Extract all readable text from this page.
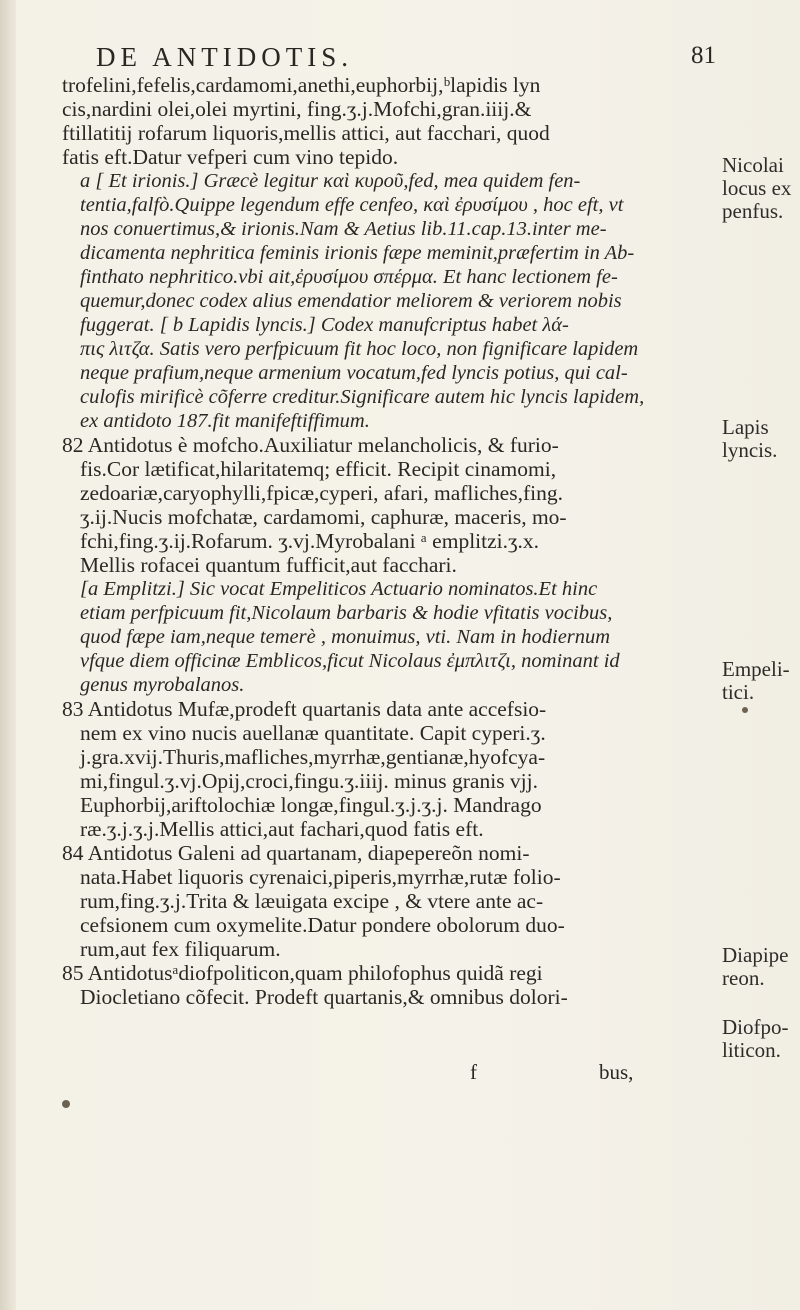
DE ANTIDOTIS.	81
trofelini,fefelis,cardamomi,anethi,euphorbij,ᵇlapidis lyn
cis,nardini olei,olei myrtini, fing.ʒ.j.Mofchi,gran.iiij.&
ftillatitij rofarum liquoris,mellis attici, aut facchari, quod
fatis eft.Datur vefperi cum vino tepido.
a [ Et irionis.] Græcè legitur καὶ κυροῦ,fed, mea quidem fen-
tentia,falfò.Quippe legendum effe cenfeo, καὶ ἐρυσίμου , hoc eft, vt
nos conuertimus,& irionis.Nam & Aetius lib.11.cap.13.inter me-
dicamenta nephritica feminis irionis fæpe meminit,præfertim in Ab-
finthato nephritico.vbi ait,ἐρυσίμου σπέρμα. Et hanc lectionem fe-
quemur,donec codex alius emendatior meliorem & veriorem nobis
fuggerat. [ b Lapidis lyncis.] Codex manufcriptus habet λά-
πις λιτζα. Satis vero perfpicuum fit hoc loco, non fignificare lapidem
neque prafium,neque armenium vocatum,fed lyncis potius, qui cal-
culofis mirificè cõferre creditur.Significare autem hic lyncis lapidem,
ex antidoto 187.fit manifeftiffimum.
82 Antidotus è mofcho.Auxiliatur melancholicis, & furio-
fis.Cor lætificat,hilaritatemq; efficit. Recipit cinamomi,
zedoariæ,caryophylli,fpicæ,cyperi, afari, mafliches,fing.
ʒ.ij.Nucis mofchatæ, cardamomi, caphuræ, maceris, mo-
fchi,fing.ʒ.ij.Rofarum. ʒ.vj.Myrobalani ᵃ emplitzi.ʒ.x.
Mellis rofacei quantum fufficit,aut facchari.
[a Emplitzi.] Sic vocat Empeliticos Actuario nominatos.Et hinc
etiam perfpicuum fit,Nicolaum barbaris & hodie vfitatis vocibus,
quod fæpe iam,neque temerè , monuimus, vti. Nam in hodiernum
vfque diem officinæ Emblicos,ficut Nicolaus ἐμπλιτζι, nominant id
genus myrobalanos.
83 Antidotus Mufæ,prodeft quartanis data ante accefsio-
nem ex vino nucis auellanæ quantitate. Capit cyperi.ʒ.
j.gra.xvij.Thuris,mafliches,myrrhæ,gentianæ,hyofcya-
mi,fingul.ʒ.vj.Opij,croci,fingu.ʒ.iiij. minus granis vjj.
Euphorbij,ariftolochiæ longæ,fingul.ʒ.j.ʒ.j. Mandrago
ræ.ʒ.j.ʒ.j.Mellis attici,aut fachari,quod fatis eft.
84 Antidotus Galeni ad quartanam, diapepereõn nomi-
nata.Habet liquoris cyrenaici,piperis,myrrhæ,rutæ folio-
rum,fing.ʒ.j.Trita & læuigata excipe , & vtere ante ac-
cefsionem cum oxymelite.Datur pondere obolorum duo-
rum,aut fex filiquarum.
85 Antidotusᵃdiofpoliticon,quam philofophus quidã regi
Diocletiano cõfecit. Prodeft quartanis,& omnibus dolori-
Nicolai
locus ex
penfus.
Lapis
lyncis.
Empeli-
tici.
Diapipe
reon.
Diofpo-
liticon.
f	bus,
